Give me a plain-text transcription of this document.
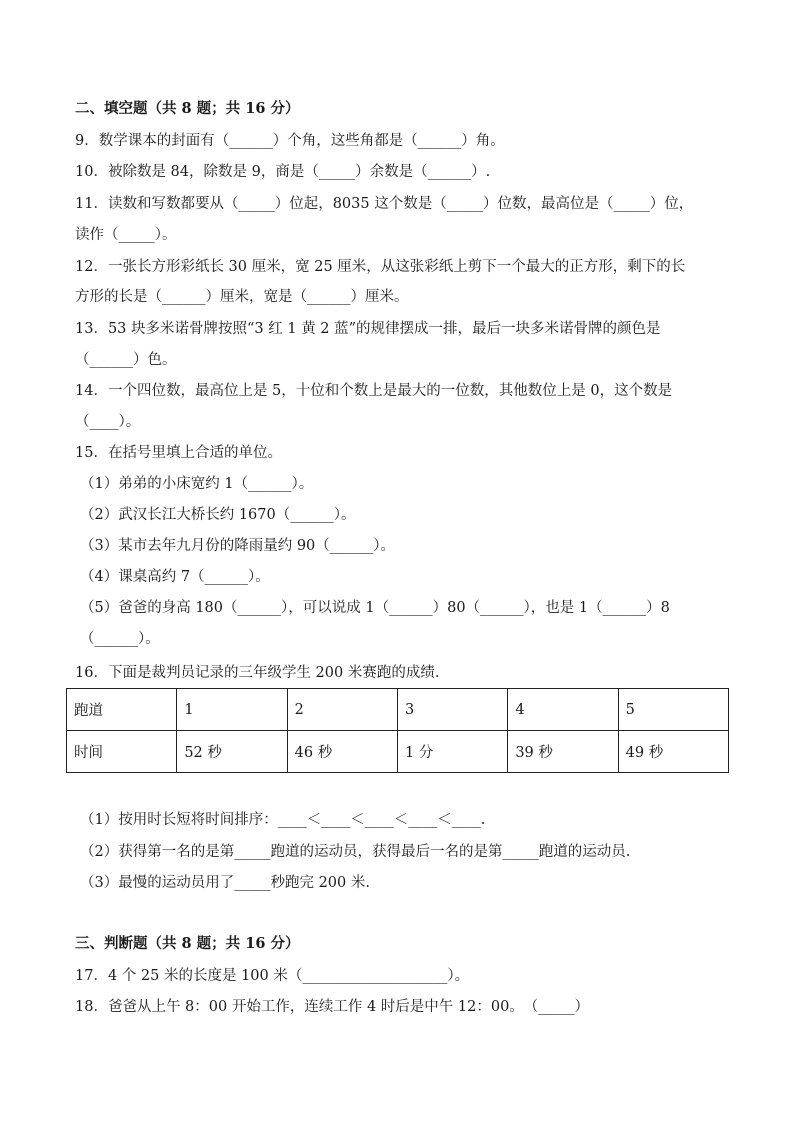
二、填空题（共 8 题；共 16 分）
9．数学课本的封面有（______）个角，这些角都是（______）角。
10．被除数是 84，除数是 9，商是（_____）余数是（______）.
11．读数和写数都要从（_____）位起，8035 这个数是（_____）位数，最高位是（_____）位，
读作（_____）。
12．一张长方形彩纸长 30 厘米，宽 25 厘米，从这张彩纸上剪下一个最大的正方形，剩下的长
方形的长是（______）厘米，宽是（______）厘米。
13．53 块多米诺骨牌按照“3 红 1 黄 2 蓝”的规律摆成一排，最后一块多米诺骨牌的颜色是
（______）色。
14．一个四位数，最高位上是 5，十位和个数上是最大的一位数，其他数位上是 0，这个数是
（____）。
15．在括号里填上合适的单位。
（1）弟弟的小床宽约 1（______）。
（2）武汉长江大桥长约 1670（______）。
（3）某市去年九月份的降雨量约 90（______）。
（4）课桌高约 7（______）。
（5）爸爸的身高 180（______），可以说成 1（______）80（______），也是 1（______）8
（______）。
16．下面是裁判员记录的三年级学生 200 米赛跑的成绩.
跑道	1	2	3	4	5
时间	52 秒	46 秒	1 分	39 秒	49 秒
（1）按用时长短将时间排序：____＜____＜____＜____＜____.
（2）获得第一名的是第_____跑道的运动员，获得最后一名的是第_____跑道的运动员.
（3）最慢的运动员用了_____秒跑完 200 米.
三、判断题（共 8 题；共 16 分）
17．4 个 25 米的长度是 100 米（____________________）。
18．爸爸从上午 8：00 开始工作，连续工作 4 时后是中午 12：00。　（_____）
